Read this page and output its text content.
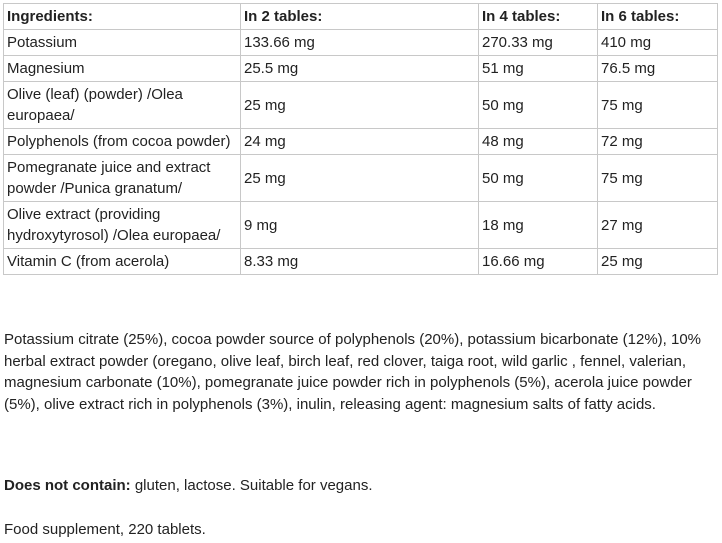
Ingredients:	In 2 tables:	In 4 tables:	In 6 tables:
Potassium	133.66 mg	270.33 mg	410 mg
Magnesium	25.5 mg	51 mg	76.5 mg
Olive (leaf) (powder) /Olea europaea/	25 mg	50 mg	75 mg
Polyphenols (from cocoa powder)	24 mg	48 mg	72 mg
Pomegranate juice and extract powder /Punica granatum/	25 mg	50 mg	75 mg
Olive extract (providing hydroxytyrosol) /Olea europaea/	9 mg	18 mg	27 mg
Vitamin C (from acerola)	8.33 mg	16.66 mg	25 mg

Potassium citrate (25%), cocoa powder source of polyphenols (20%), potassium bicarbonate (12%), 10% herbal extract powder (oregano, olive leaf, birch leaf, red clover, taiga root, wild garlic , fennel, valerian, magnesium carbonate (10%), pomegranate juice powder rich in polyphenols (5%), acerola juice powder (5%), olive extract rich in polyphenols (3%), inulin, releasing agent: magnesium salts of fatty acids.

Does not contain: gluten, lactose. Suitable for vegans.

Food supplement, 220 tablets.
